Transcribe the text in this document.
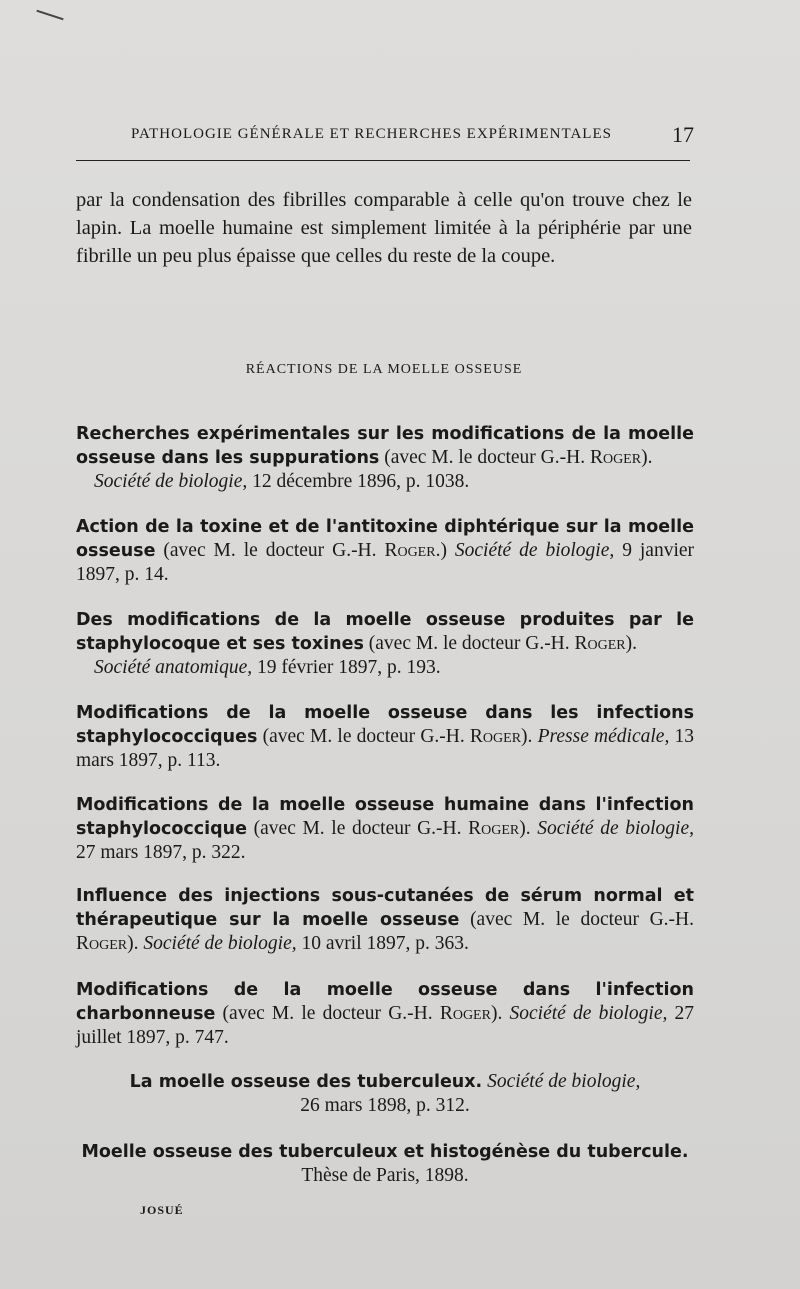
PATHOLOGIE GÉNÉRALE ET RECHERCHES EXPÉRIMENTALES	17
par la condensation des fibrilles comparable à celle qu'on trouve chez le lapin. La moelle humaine est simplement limitée à la périphérie par une fibrille un peu plus épaisse que celles du reste de la coupe.
RÉACTIONS DE LA MOELLE OSSEUSE
Recherches expérimentales sur les modifications de la moelle osseuse dans les suppurations (avec M. le docteur G.-H. Roger).
Société de biologie, 12 décembre 1896, p. 1038.
Action de la toxine et de l'antitoxine diphtérique sur la moelle osseuse (avec M. le docteur G.-H. Roger.) Société de biologie, 9 janvier 1897, p. 14.
Des modifications de la moelle osseuse produites par le staphylocoque et ses toxines (avec M. le docteur G.-H. Roger).
Société anatomique, 19 février 1897, p. 193.
Modifications de la moelle osseuse dans les infections staphylococciques (avec M. le docteur G.-H. Roger). Presse médicale, 13 mars 1897, p. 113.
Modifications de la moelle osseuse humaine dans l'infection staphylococcique (avec M. le docteur G.-H. Roger). Société de biologie, 27 mars 1897, p. 322.
Influence des injections sous-cutanées de sérum normal et thérapeutique sur la moelle osseuse (avec M. le docteur G.-H. Roger). Société de biologie, 10 avril 1897, p. 363.
Modifications de la moelle osseuse dans l'infection charbonneuse (avec M. le docteur G.-H. Roger). Société de biologie, 27 juillet 1897, p. 747.
La moelle osseuse des tuberculeux. Société de biologie,
26 mars 1898, p. 312.
Moelle osseuse des tuberculeux et histogénèse du tubercule.
Thèse de Paris, 1898.
JOSUÉ
